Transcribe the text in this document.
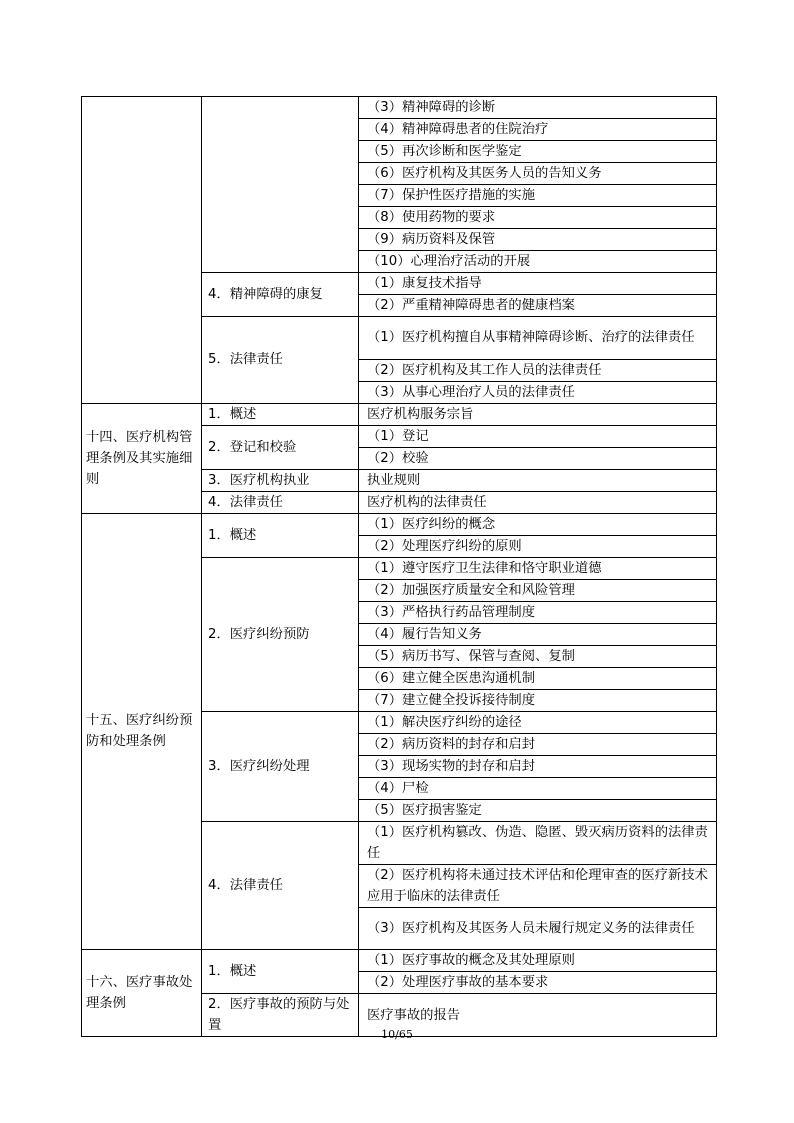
		（3）精神障碍的诊断
		（4）精神障碍患者的住院治疗
		（5）再次诊断和医学鉴定
		（6）医疗机构及其医务人员的告知义务
		（7）保护性医疗措施的实施
		（8）使用药物的要求
		（9）病历资料及保管
		（10）心理治疗活动的开展
	4．精神障碍的康复	（1）康复技术指导
		（2）严重精神障碍患者的健康档案
	5．法律责任	（1）医疗机构擅自从事精神障碍诊断、治疗的法律责任
		（2）医疗机构及其工作人员的法律责任
		（3）从事心理治疗人员的法律责任
十四、医疗机构管理条例及其实施细则	1．概述	医疗机构服务宗旨
	2．登记和校验	（1）登记
		（2）校验
	3．医疗机构执业	执业规则
	4．法律责任	医疗机构的法律责任
十五、医疗纠纷预防和处理条例	1．概述	（1）医疗纠纷的概念
		（2）处理医疗纠纷的原则
	2．医疗纠纷预防	（1）遵守医疗卫生法律和恪守职业道德
		（2）加强医疗质量安全和风险管理
		（3）严格执行药品管理制度
		（4）履行告知义务
		（5）病历书写、保管与查阅、复制
		（6）建立健全医患沟通机制
		（7）建立健全投诉接待制度
	3．医疗纠纷处理	（1）解决医疗纠纷的途径
		（2）病历资料的封存和启封
		（3）现场实物的封存和启封
		（4）尸检
		（5）医疗损害鉴定
	4．法律责任	（1）医疗机构篡改、伪造、隐匿、毁灭病历资料的法律责任
		（2）医疗机构将未通过技术评估和伦理审查的医疗新技术应用于临床的法律责任
		（3）医疗机构及其医务人员未履行规定义务的法律责任
十六、医疗事故处理条例	1．概述	（1）医疗事故的概念及其处理原则
		（2）处理医疗事故的基本要求
	2．医疗事故的预防与处置	医疗事故的报告
10/65
